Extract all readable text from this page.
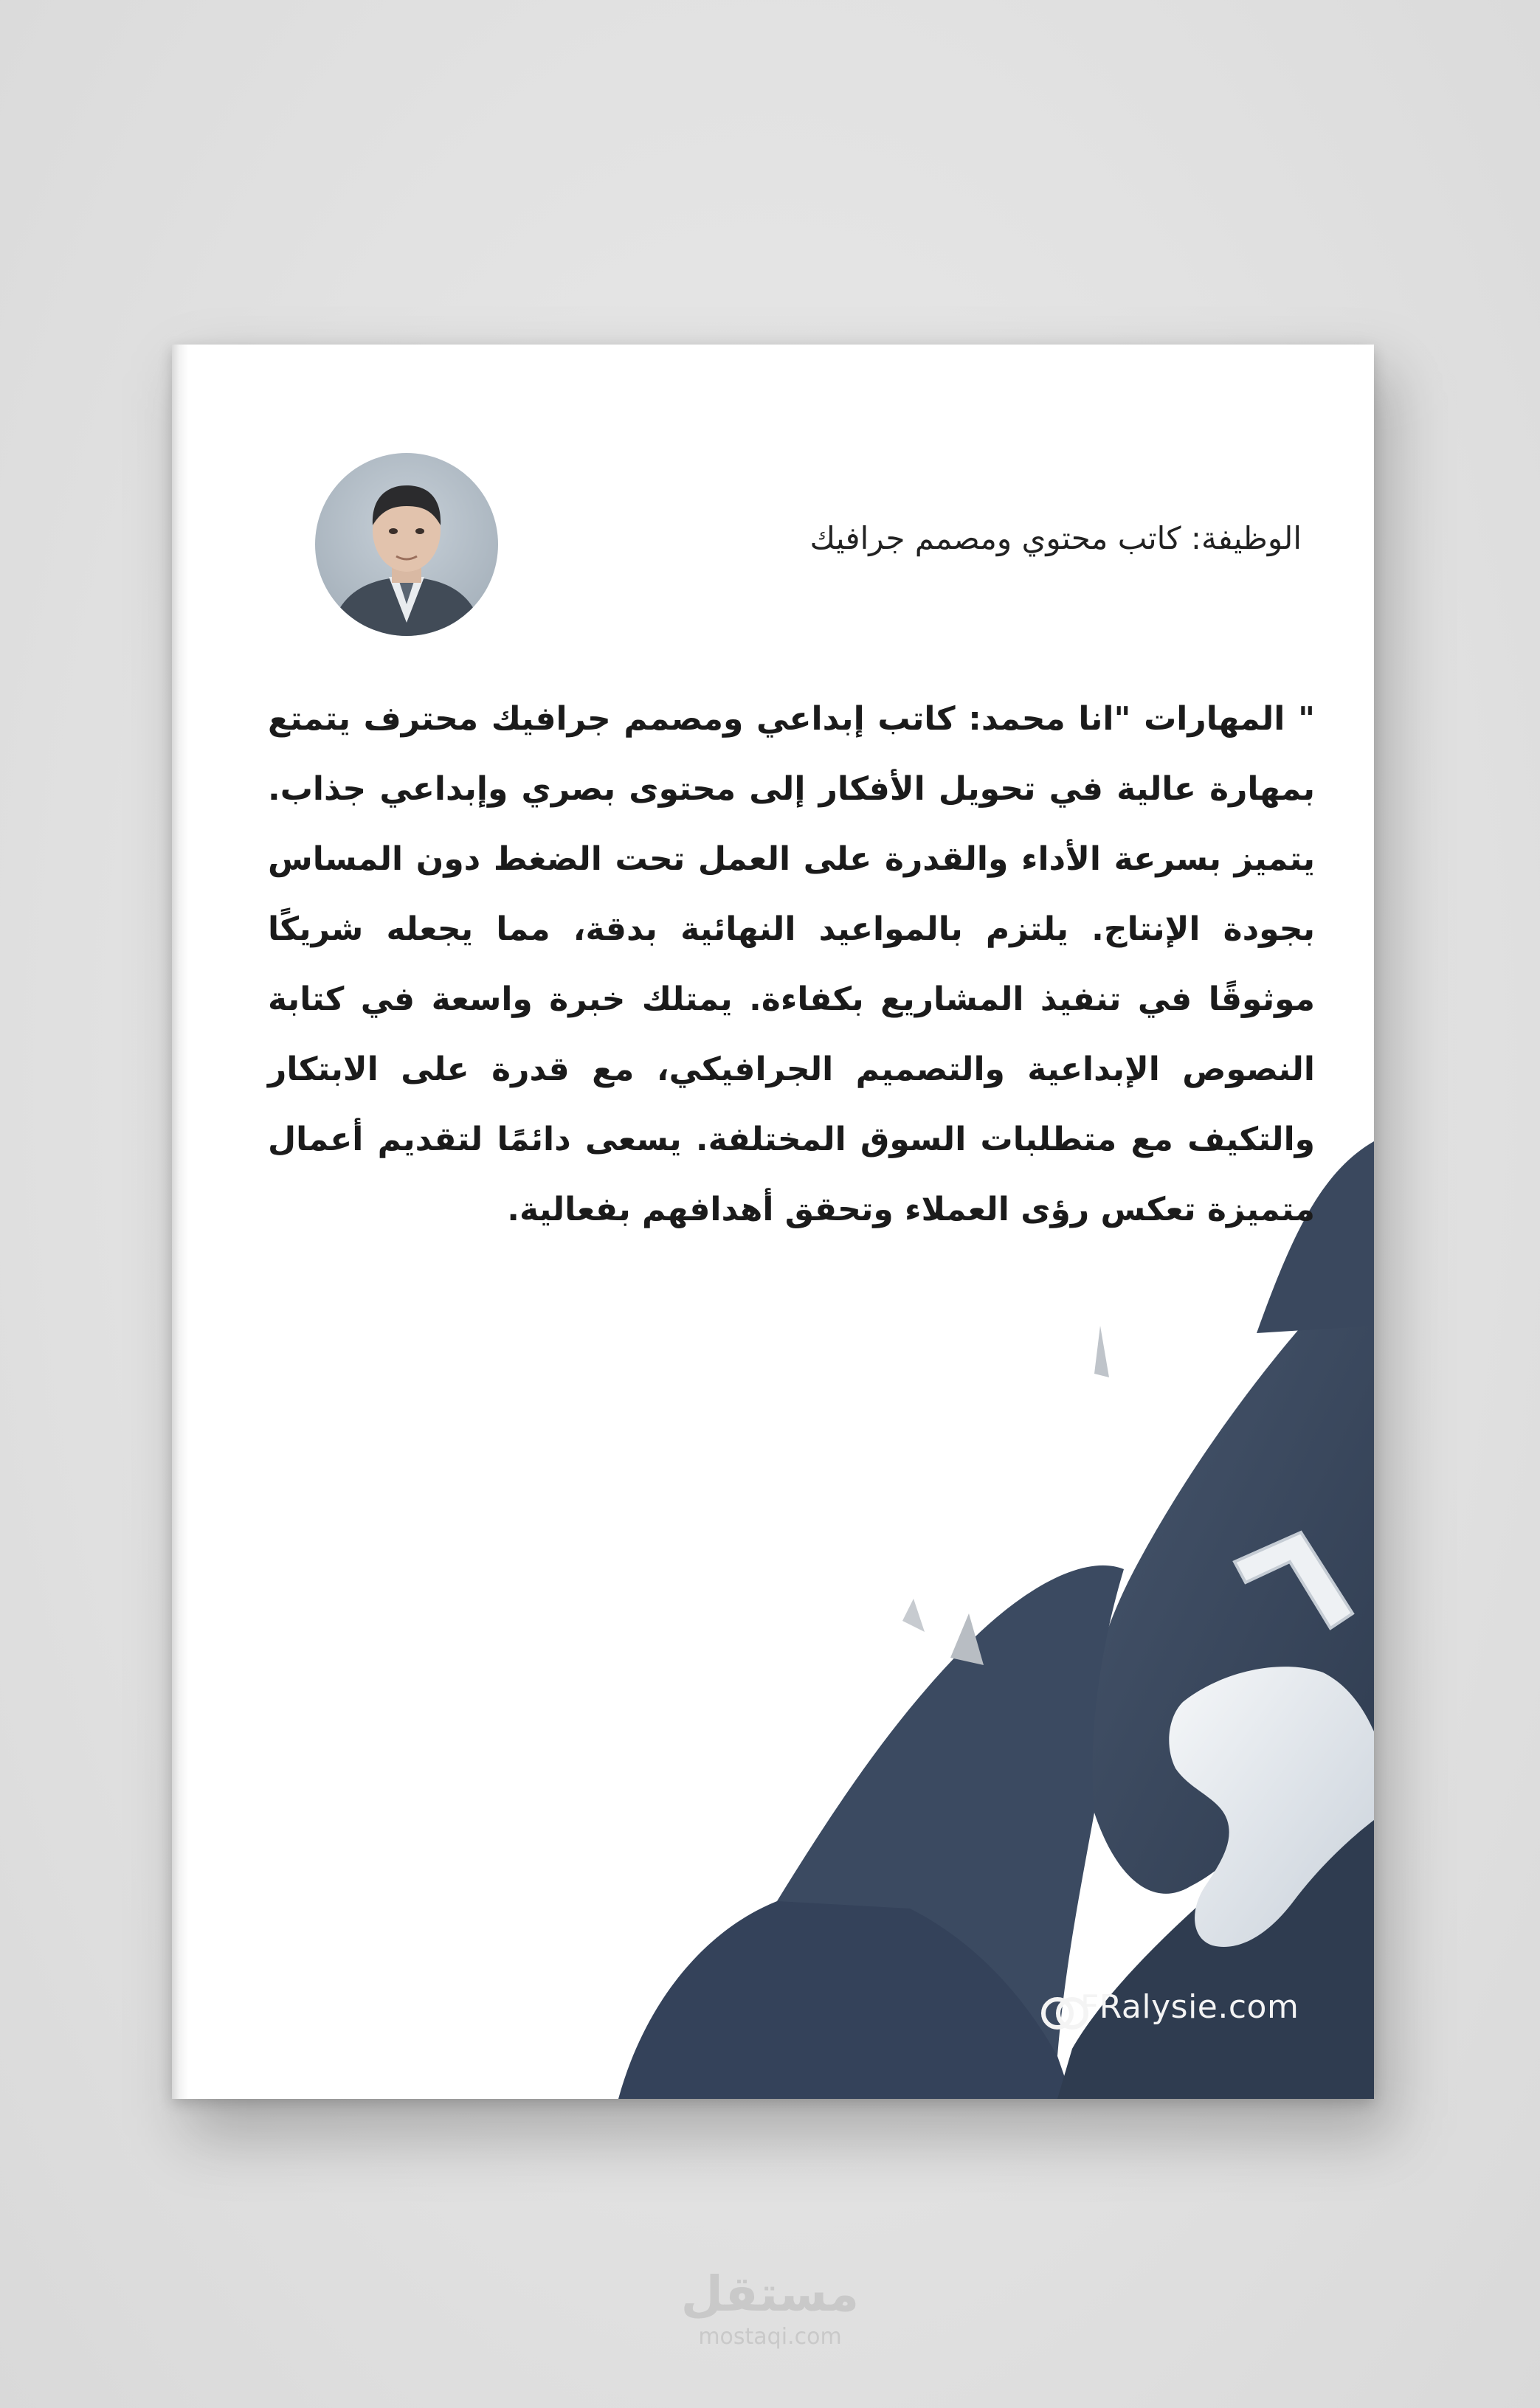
الوظيفة: كاتب محتوي ومصمم جرافيك
" المهارات "انا محمد: كاتب إبداعي ومصمم جرافيك محترف يتمتع بمهارة عالية في تحويل الأفكار إلى محتوى بصري وإبداعي جذاب. يتميز بسرعة الأداء والقدرة على العمل تحت الضغط دون المساس بجودة الإنتاج. يلتزم بالمواعيد النهائية بدقة، مما يجعله شريكًا موثوقًا في تنفيذ المشاريع بكفاءة. يمتلك خبرة واسعة في كتابة النصوص الإبداعية والتصميم الجرافيكي، مع قدرة على الابتكار والتكيف مع متطلبات السوق المختلفة. يسعى دائمًا لتقديم أعمال متميزة تعكس رؤى العملاء وتحقق أهدافهم بفعالية.
FRalysie.com
مستقل
mostaqi.com
